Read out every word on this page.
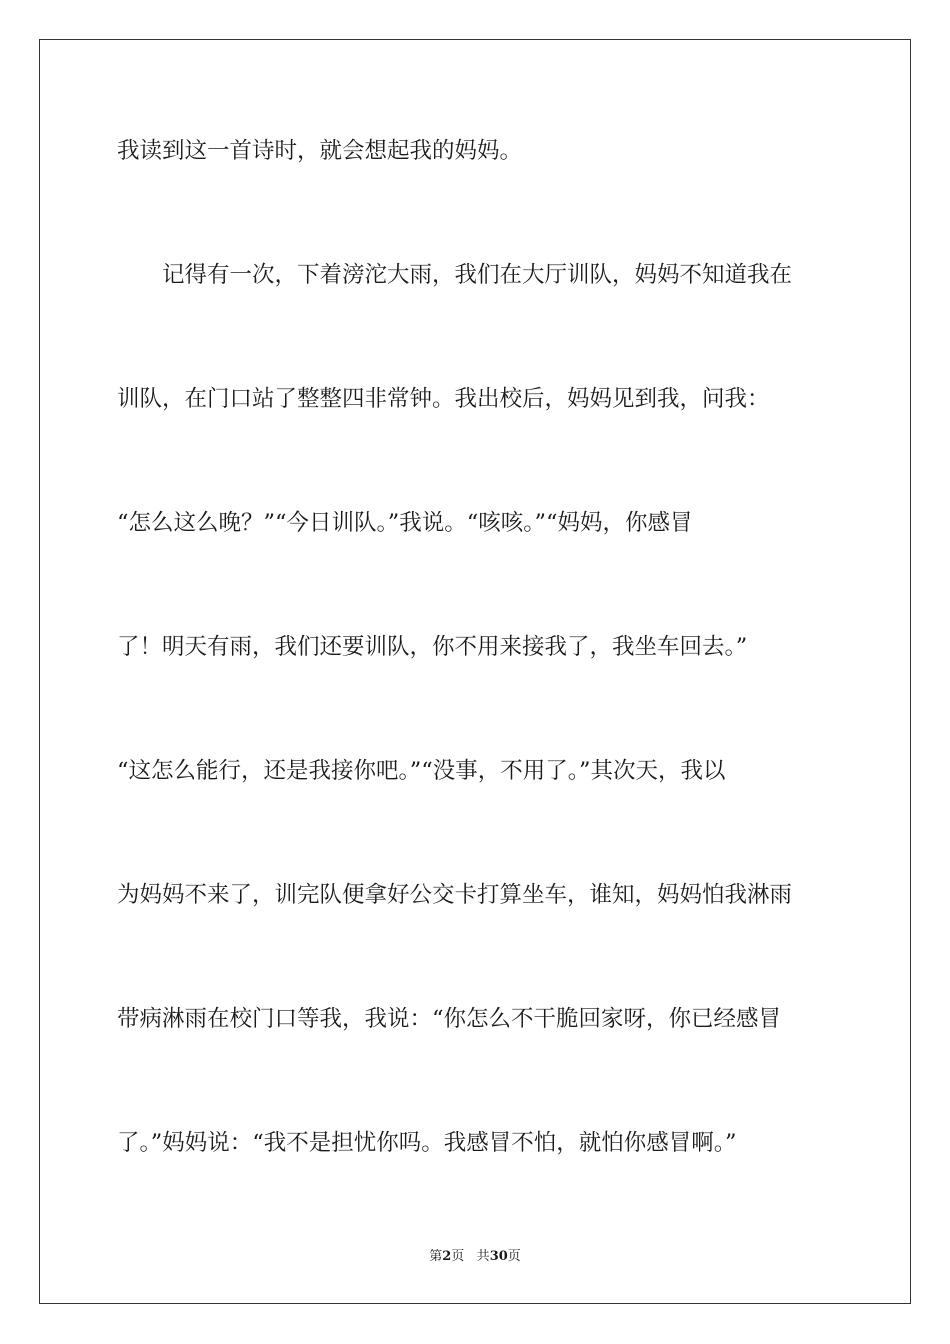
我读到这一首诗时，就会想起我的妈妈。
　　记得有一次，下着滂沱大雨，我们在大厅训队，妈妈不知道我在
训队，在门口站了整整四非常钟。我出校后，妈妈见到我，问我：
“怎么这么晚？”“今日训队。”我说。“咳咳。”“妈妈，你感冒
了！明天有雨，我们还要训队，你不用来接我了，我坐车回去。”
“这怎么能行，还是我接你吧。”“没事，不用了。”其次天，我以
为妈妈不来了，训完队便拿好公交卡打算坐车，谁知，妈妈怕我淋雨
带病淋雨在校门口等我，我说：“你怎么不干脆回家呀，你已经感冒
了。”妈妈说：“我不是担忧你吗。我感冒不怕，就怕你感冒啊。”
第2页 共30页
